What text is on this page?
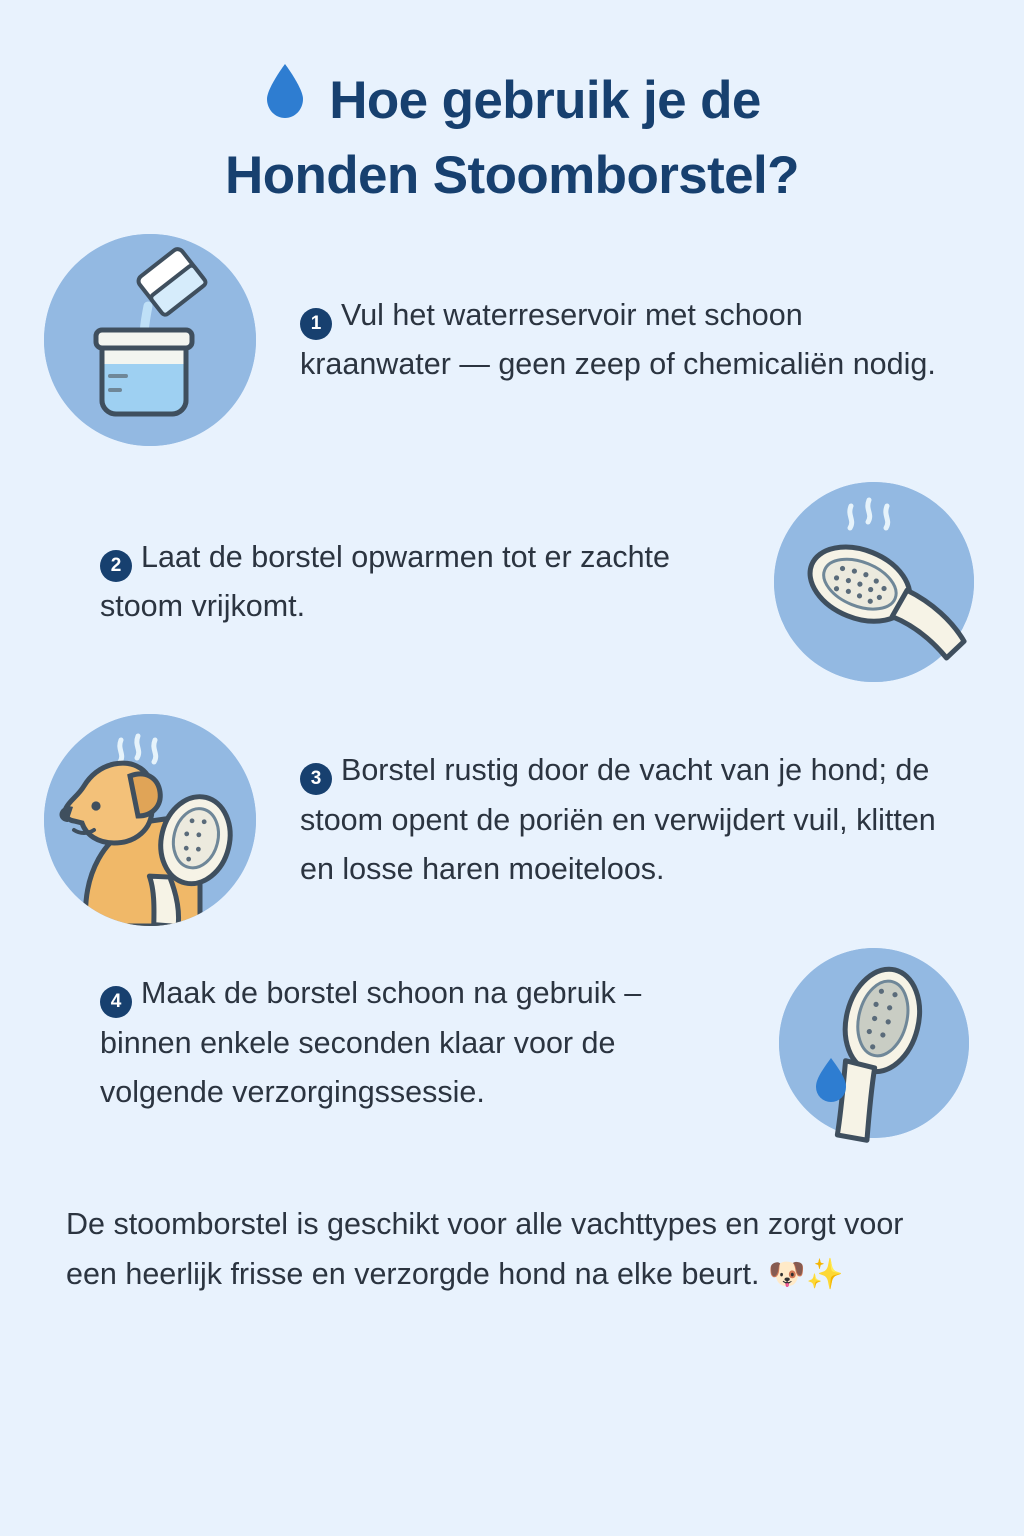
Hoe gebruik je de
Honden Stoomborstel?
1 Vul het waterreservoir met schoon kraanwater — geen zeep of chemicaliën nodig.
2 Laat de borstel opwarmen tot er zachte stoom vrijkomt.
3 Borstel rustig door de vacht van je hond; de stoom opent de poriën en verwijdert vuil, klitten en losse haren moeiteloos.
4 Maak de borstel schoon na gebruik – binnen enkele seconden klaar voor de volgende verzorgingssessie.
De stoomborstel is geschikt voor alle vachttypes en zorgt voor een heerlijk frisse en verzorgde hond na elke beurt. 🐶✨
